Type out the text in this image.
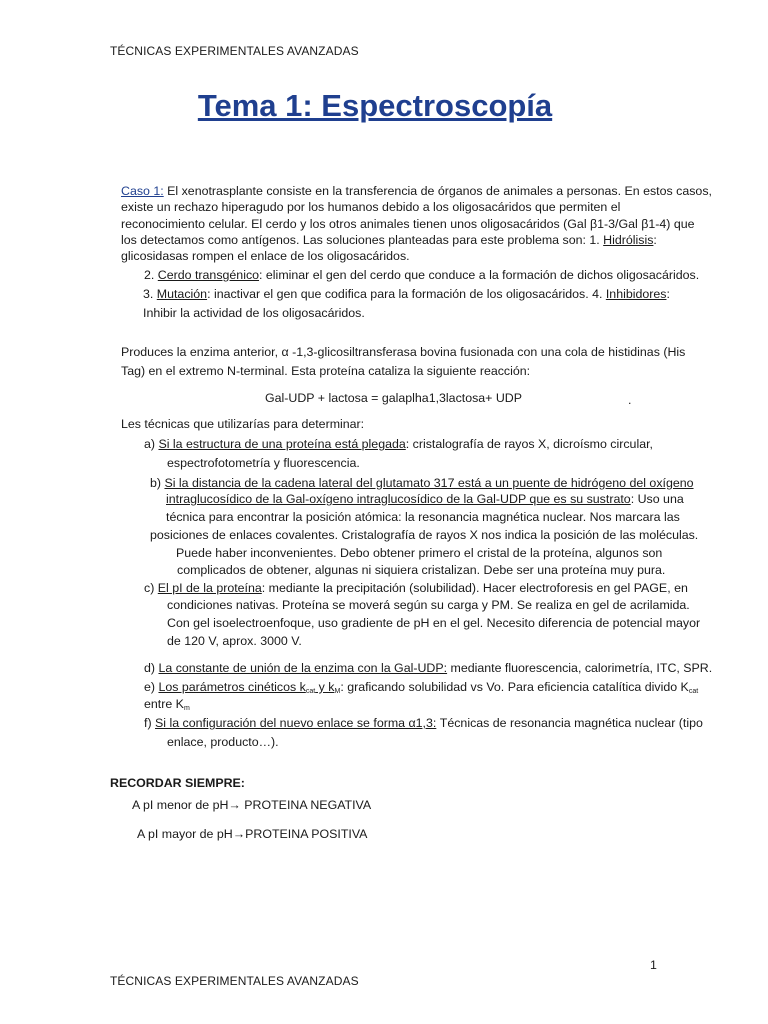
TÉCNICAS EXPERIMENTALES AVANZADAS
Tema 1: Espectroscopía
Caso 1: El xenotrasplante consiste en la transferencia de órganos de animales a personas. En estos casos,
existe un rechazo hiperagudo por los humanos debido a los oligosacáridos que permiten el
reconocimiento celular. El cerdo y los otros animales tienen unos oligosacáridos (Gal β1-3/Gal β1-4) que
los detectamos como antígenos. Las soluciones planteadas para este problema son: 1. Hidrólisis:
glicosidasas rompen el enlace de los oligosacáridos.
2. Cerdo transgénico: eliminar el gen del cerdo que conduce a la formación de dichos oligosacáridos.
3. Mutación: inactivar el gen que codifica para la formación de los oligosacáridos. 4. Inhibidores:
Inhibir la actividad de los oligosacáridos.
Produces la enzima anterior, α -1,3-glicosiltransferasa bovina fusionada con una cola de histidinas (His
Tag) en el extremo N-terminal. Esta proteína cataliza la siguiente reacción:
Gal-UDP + lactosa = galaplha1,3lactosa+ UDP	.
Les técnicas que utilizarías para determinar:
a) Si la estructura de una proteína está plegada: cristalografía de rayos X, dicroísmo circular,
espectrofotometría y fluorescencia.
b) Si la distancia de la cadena lateral del glutamato 317 está a un puente de hidrógeno del oxígeno
intraglucosídico de la Gal-oxígeno intraglucosídico de la Gal-UDP que es su sustrato: Uso una
técnica para encontrar la posición atómica: la resonancia magnética nuclear. Nos marcara las
posiciones de enlaces covalentes. Cristalografía de rayos X nos indica la posición de las moléculas.
Puede haber inconvenientes. Debo obtener primero el cristal de la proteína, algunos son
complicados de obtener, algunas ni siquiera cristalizan. Debe ser una proteína muy pura.
c) El pI de la proteína: mediante la precipitación (solubilidad). Hacer electroforesis en gel PAGE, en
condiciones nativas. Proteína se moverá según su carga y PM. Se realiza en gel de acrilamida.
Con gel isoelectroenfoque, uso gradiente de pH en el gel. Necesito diferencia de potencial mayor
de 120 V, aprox. 3000 V.
d) La constante de unión de la enzima con la Gal-UDP: mediante fluorescencia, calorimetría, ITC, SPR.
e) Los parámetros cinéticos $k_{cat}$ y $k_M$: graficando solubilidad vs Vo. Para eficiencia catalítica divido $K_{cat}$
entre $K_m$
f) Si la configuración del nuevo enlace se forma α1,3: Técnicas de resonancia magnética nuclear (tipo
enlace, producto…).
RECORDAR SIEMPRE:
A pI menor de pH→ PROTEINA NEGATIVA
A pI mayor de pH→PROTEINA POSITIVA
1
TÉCNICAS EXPERIMENTALES AVANZADAS
